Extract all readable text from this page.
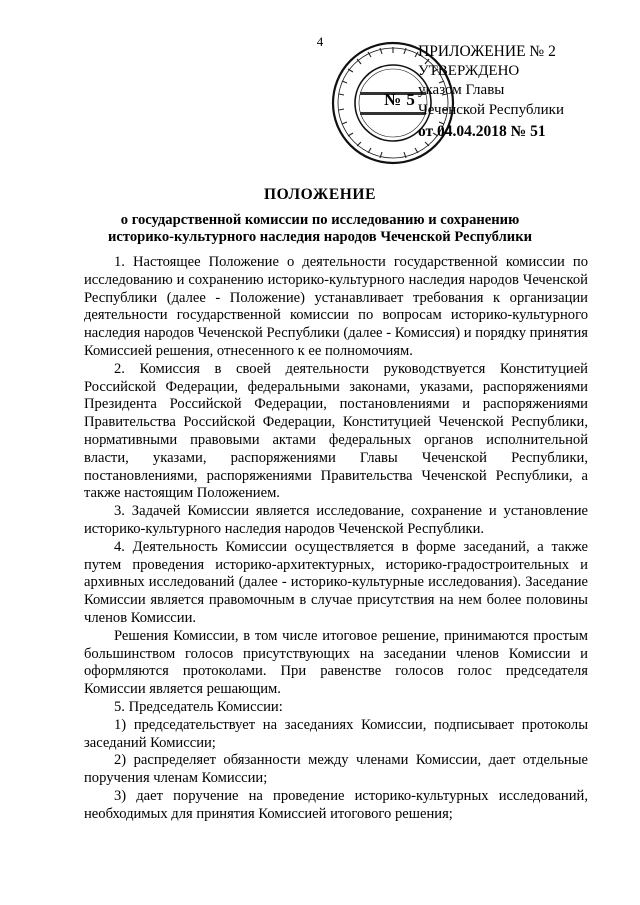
4
№ 5
ПРИЛОЖЕНИЕ № 2
УТВЕРЖДЕНО
указом Главы
Чеченской Республики
от 04.04.2018 № 51
ПОЛОЖЕНИЕ
о государственной комиссии по исследованию и сохранению
историко-культурного наследия народов Чеченской Республики

1. Настоящее Положение о деятельности государственной комиссии по исследованию и сохранению историко-культурного наследия народов Чеченской Республики (далее - Положение) устанавливает требования к организации деятельности государственной комиссии по вопросам историко-культурного наследия народов Чеченской Республики (далее - Комиссия) и порядку принятия Комиссией решения, отнесенного к ее полномочиям.

2. Комиссия в своей деятельности руководствуется Конституцией Российской Федерации, федеральными законами, указами, распоряжениями Президента Российской Федерации, постановлениями и распоряжениями Правительства Российской Федерации, Конституцией Чеченской Республики, нормативными правовыми актами федеральных органов исполнительной власти, указами, распоряжениями Главы Чеченской Республики, постановлениями, распоряжениями Правительства Чеченской Республики, а также настоящим Положением.

3. Задачей Комиссии является исследование, сохранение и установление историко-культурного наследия народов Чеченской Республики.

4. Деятельность Комиссии осуществляется в форме заседаний, а также путем проведения историко-архитектурных, историко-градостроительных и архивных исследований (далее - историко-культурные исследования). Заседание Комиссии является правомочным в случае присутствия на нем более половины членов Комиссии.

Решения Комиссии, в том числе итоговое решение, принимаются простым большинством голосов присутствующих на заседании членов Комиссии и оформляются протоколами. При равенстве голосов голос председателя Комиссии является решающим.

5. Председатель Комиссии:

1) председательствует на заседаниях Комиссии, подписывает протоколы заседаний Комиссии;

2) распределяет обязанности между членами Комиссии, дает отдельные поручения членам Комиссии;

3) дает поручение на проведение историко-культурных исследований, необходимых для принятия Комиссией итогового решения;
